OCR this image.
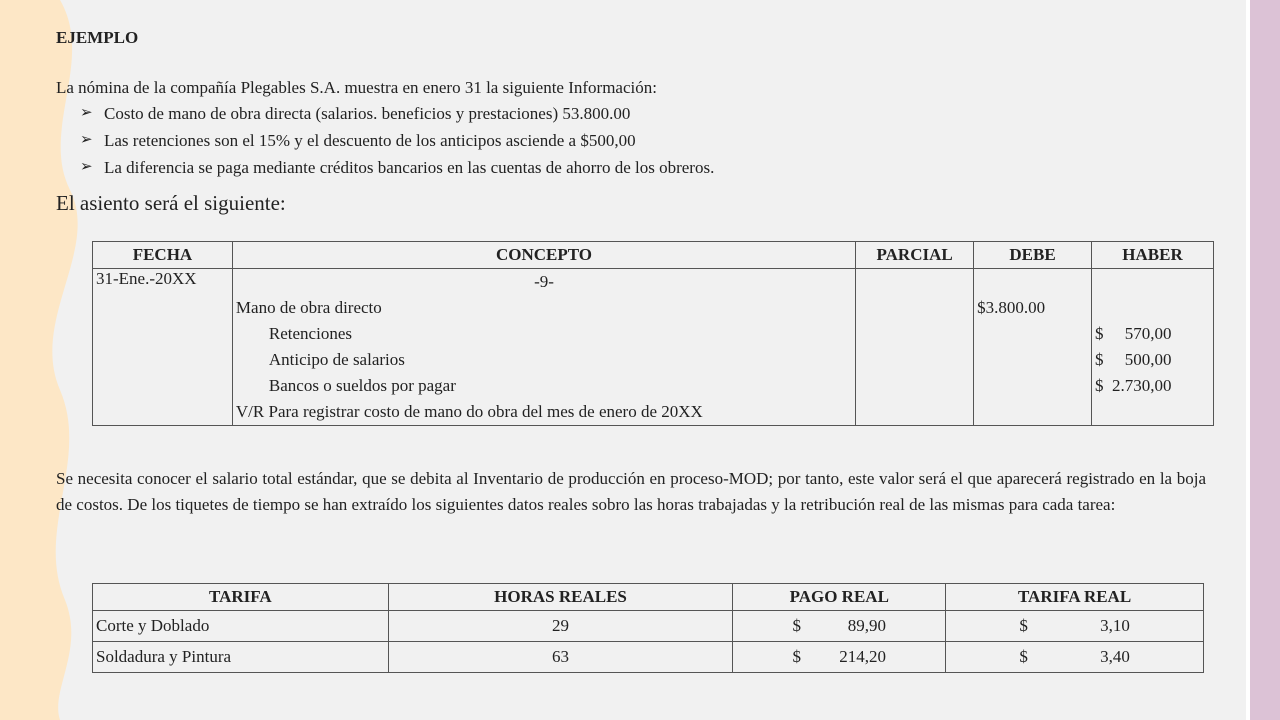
EJEMPLO
La nómina de la compañía Plegables S.A. muestra en enero 31 la siguiente Información:
➢ Costo de mano de obra directa (salarios. beneficios y prestaciones) 53.800.00
➢ Las retenciones son el 15% y el descuento de los anticipos asciende a $500,00
➢ La diferencia se paga mediante créditos bancarios en las cuentas de ahorro de los obreros.
El asiento será el siguiente:
FECHA	CONCEPTO	PARCIAL	DEBE	HABER
31-Ene.-20XX	-9-			
	Mano de obra directo		$3.800.00	
	Retenciones			$     570,00
	Anticipo de salarios			$     500,00
	Bancos o sueldos por pagar			$  2.730,00
	V/R Para registrar costo de mano do obra del mes de enero de 20XX			
Se necesita conocer el salario total estándar, que se debita al Inventario de producción en proceso-MOD; por tanto, este valor será el que aparecerá registrado en la boja de costos. De los tiquetes de tiempo se han extraído los siguientes datos reales sobro las horas trabajadas y la retribución real de las mismas para cada tarea:
TARIFA	HORAS REALES	PAGO REAL	TARIFA REAL
Corte y Doblado	29	$           89,90	$                 3,10
Soldadura y Pintura	63	$         214,20	$                 3,40
